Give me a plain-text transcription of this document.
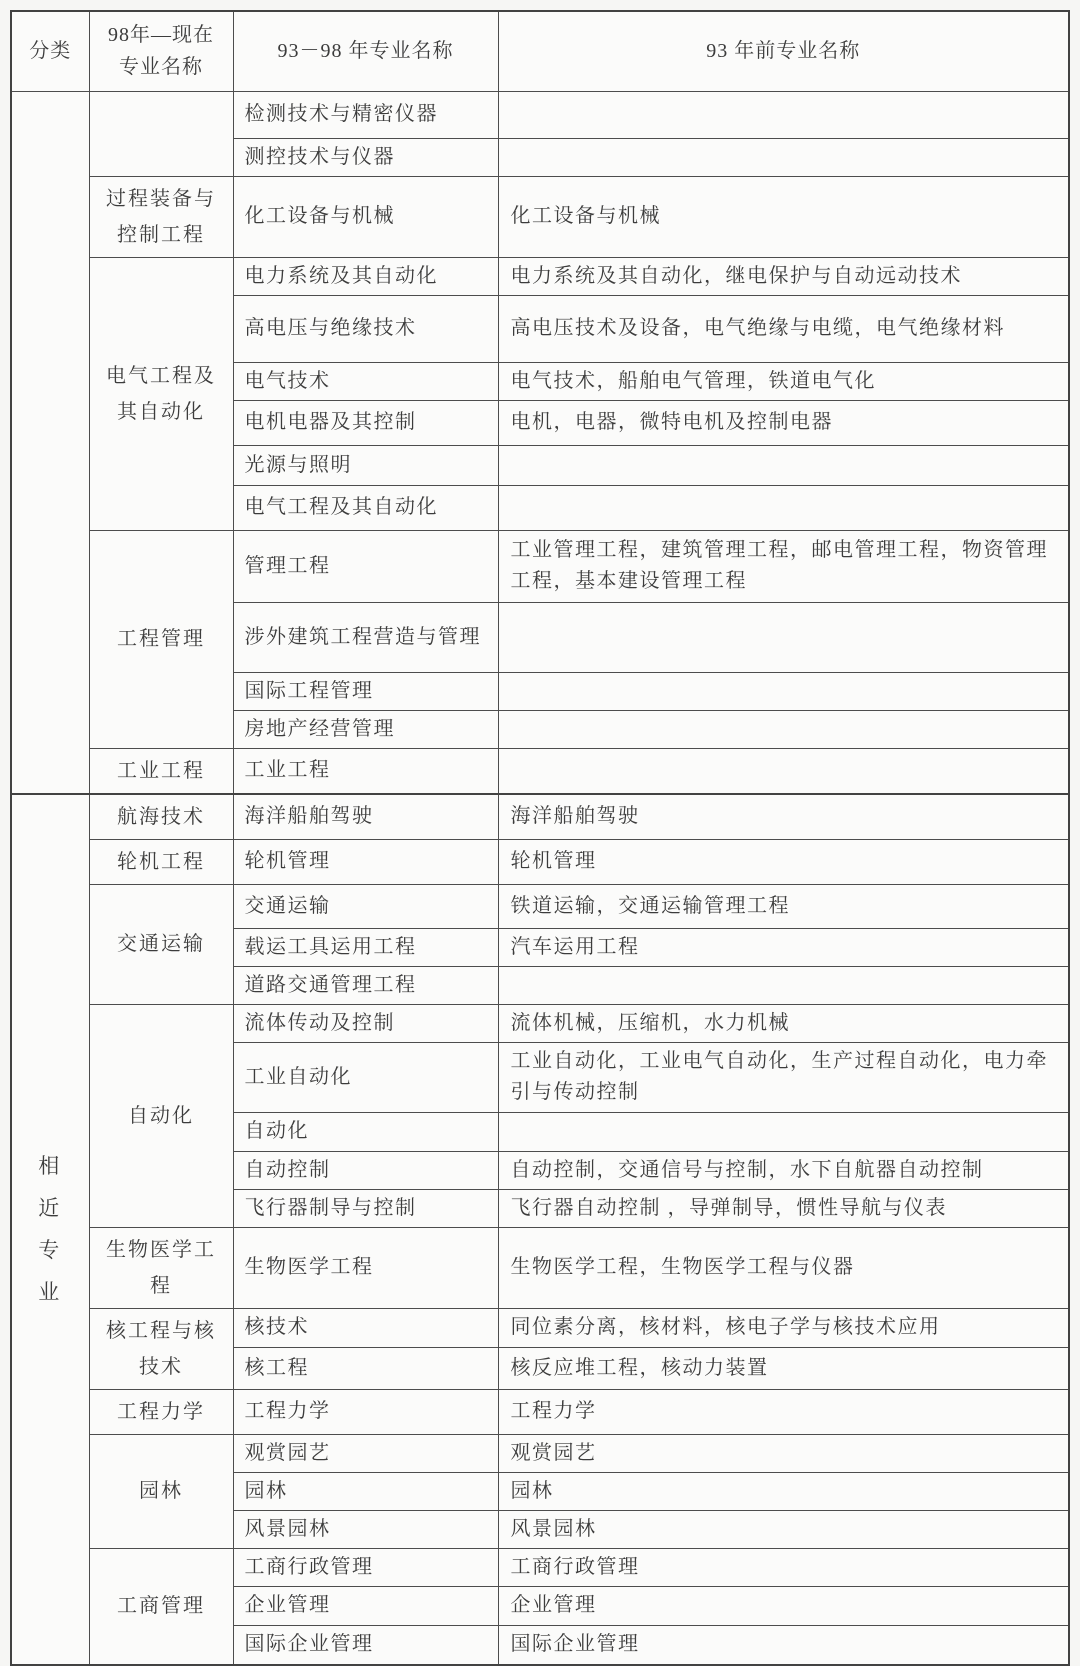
分类	98年—现在专业名称	93－98 年专业名称	93 年前专业名称
		检测技术与精密仪器	
		测控技术与仪器	
	过程装备与控制工程	化工设备与机械	化工设备与机械
	电气工程及其自动化	电力系统及其自动化	电力系统及其自动化，继电保护与自动远动技术
		高电压与绝缘技术	高电压技术及设备，电气绝缘与电缆，电气绝缘材料
		电气技术	电气技术，船舶电气管理，铁道电气化
		电机电器及其控制	电机，电器，微特电机及控制电器
		光源与照明	
		电气工程及其自动化	
	工程管理	管理工程	工业管理工程，建筑管理工程，邮电管理工程，物资管理工程，基本建设管理工程
		涉外建筑工程营造与管理	
		国际工程管理	
		房地产经营管理	
	工业工程	工业工程	
相近专业	航海技术	海洋船舶驾驶	海洋船舶驾驶
	轮机工程	轮机管理	轮机管理
	交通运输	交通运输	铁道运输，交通运输管理工程
		载运工具运用工程	汽车运用工程
		道路交通管理工程	
	自动化	流体传动及控制	流体机械，压缩机，水力机械
		工业自动化	工业自动化，工业电气自动化，生产过程自动化，电力牵引与传动控制
		自动化	
		自动控制	自动控制，交通信号与控制，水下自航器自动控制
		飞行器制导与控制	飞行器自动控制 ，导弹制导，惯性导航与仪表
	生物医学工程	生物医学工程	生物医学工程，生物医学工程与仪器
	核工程与核技术	核技术	同位素分离，核材料，核电子学与核技术应用
		核工程	核反应堆工程，核动力装置
	工程力学	工程力学	工程力学
	园林	观赏园艺	观赏园艺
		园林	园林
		风景园林	风景园林
	工商管理	工商行政管理	工商行政管理
		企业管理	企业管理
		国际企业管理	国际企业管理
